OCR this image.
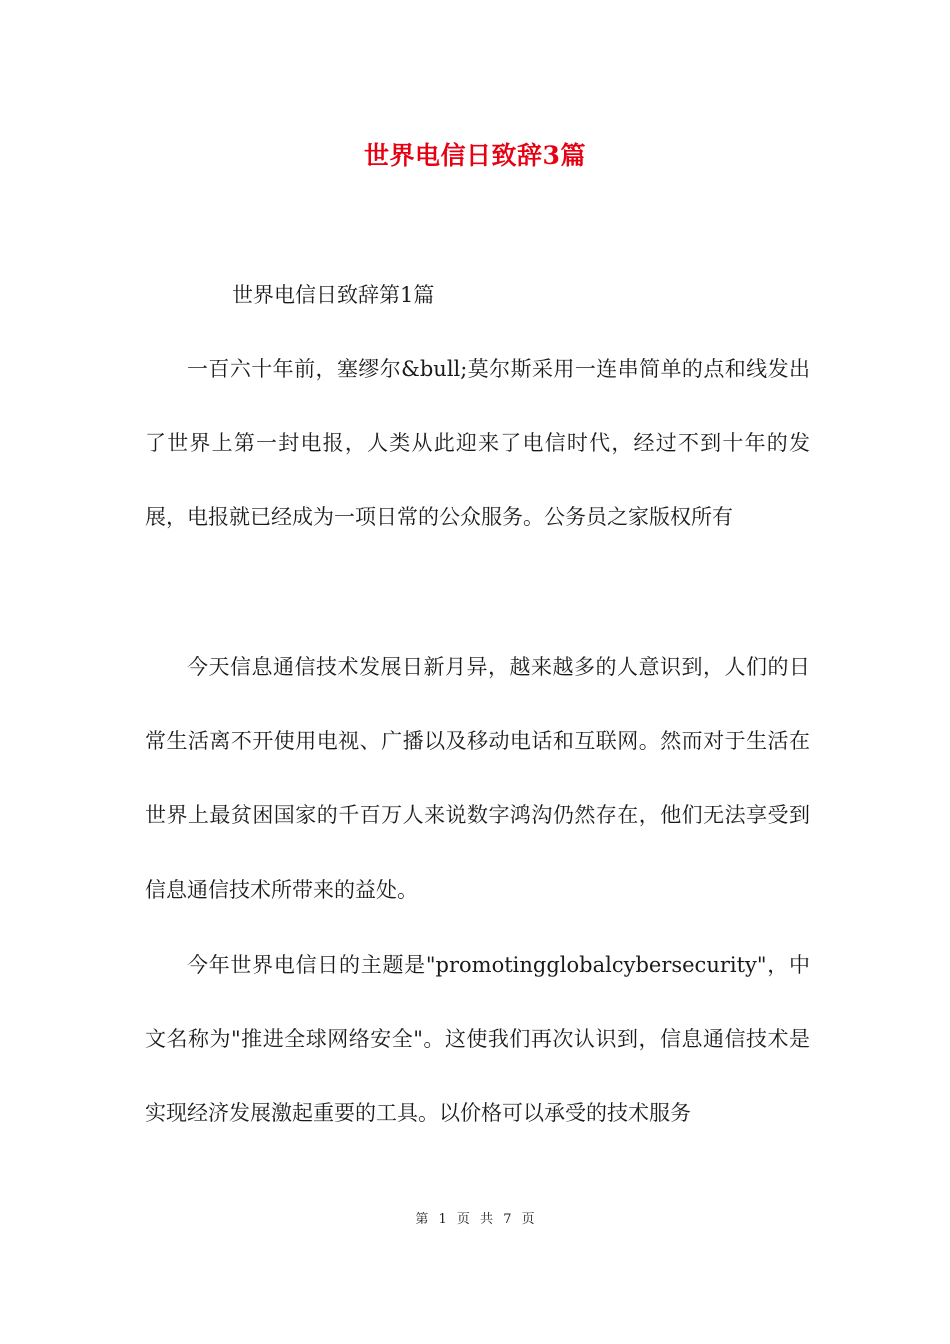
世界电信日致辞3篇

世界电信日致辞第1篇

一百六十年前，塞缪尔&bull;莫尔斯采用一连串简单的点和线发出了世界上第一封电报，人类从此迎来了电信时代，经过不到十年的发展，电报就已经成为一项日常的公众服务。公务员之家版权所有

今天信息通信技术发展日新月异，越来越多的人意识到，人们的日常生活离不开使用电视、广播以及移动电话和互联网。然而对于生活在世界上最贫困国家的千百万人来说数字鸿沟仍然存在，他们无法享受到信息通信技术所带来的益处。

今年世界电信日的主题是"promotingglobalcybersecurity"，中文名称为"推进全球网络安全"。这使我们再次认识到，信息通信技术是实现经济发展激起重要的工具。以价格可以承受的技术服务

第 1 页 共 7 页
